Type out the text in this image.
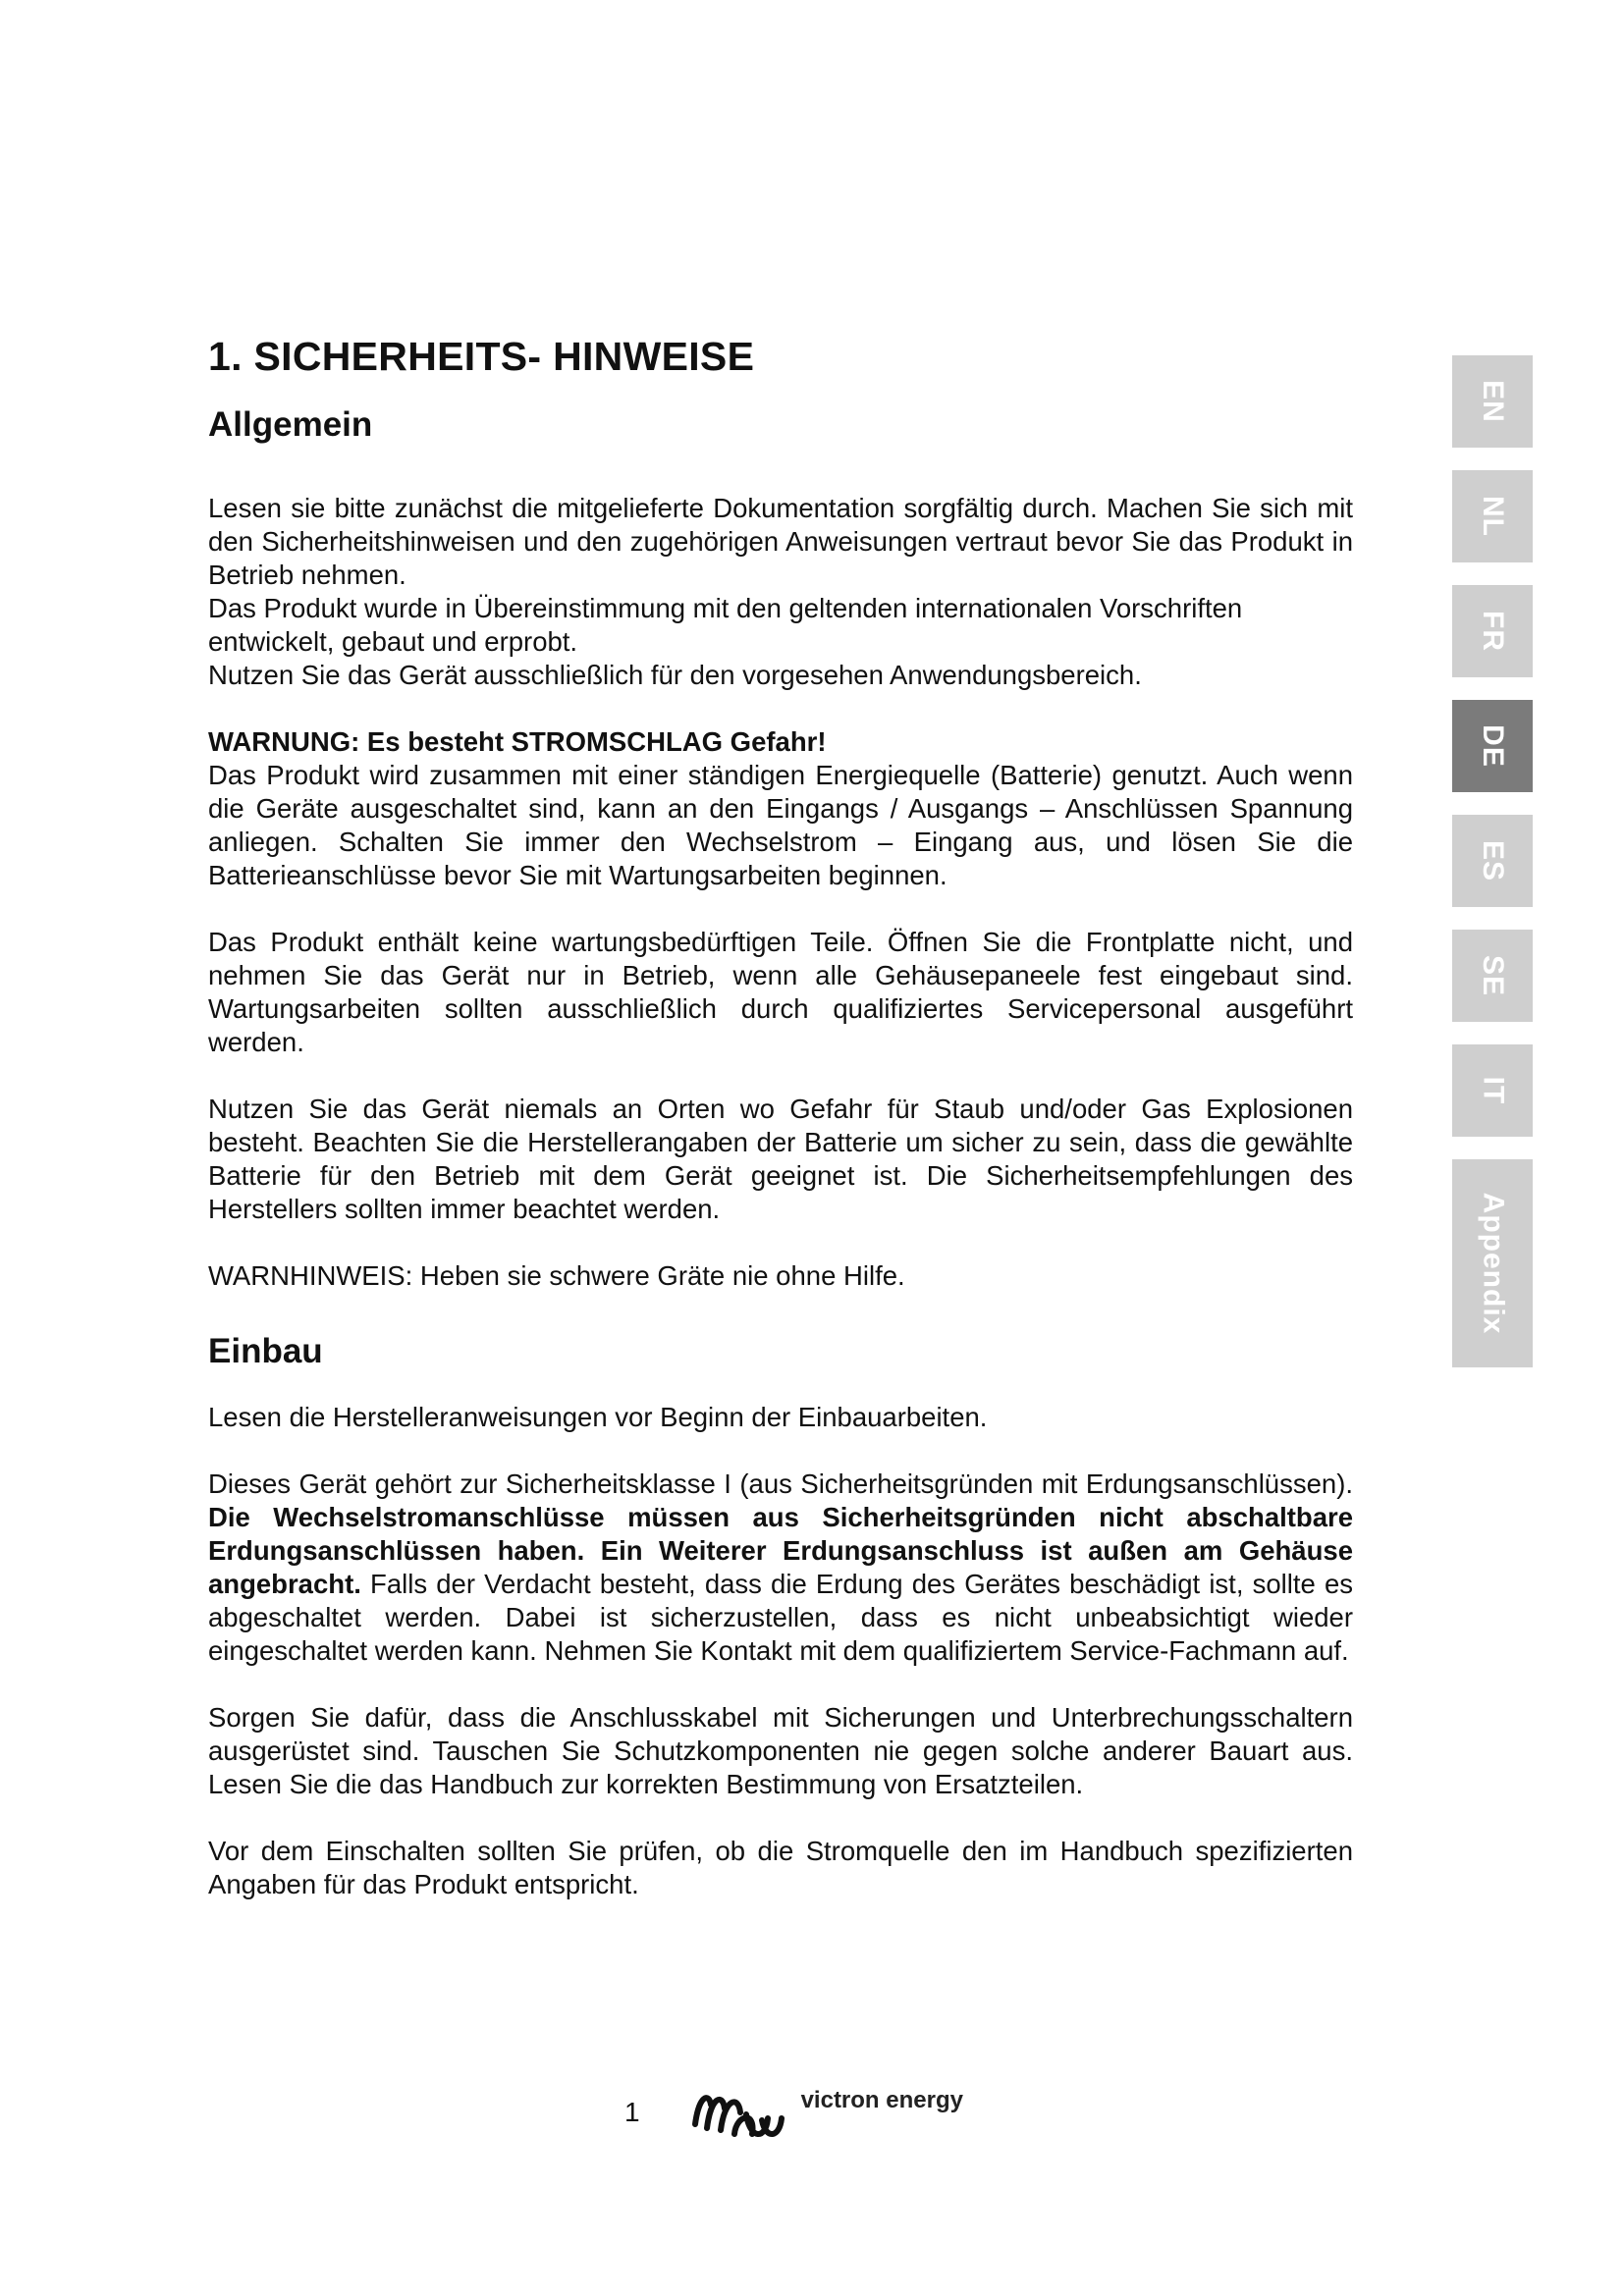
1. SICHERHEITS- HINWEISE
Allgemein

Lesen sie bitte zunächst die mitgelieferte Dokumentation sorgfältig durch. Machen Sie sich mit den Sicherheitshinweisen und den zugehörigen Anweisungen vertraut bevor Sie das Produkt in Betrieb nehmen.

Das Produkt wurde in Übereinstimmung mit den geltenden internationalen Vorschriften entwickelt, gebaut und erprobt.

Nutzen Sie das Gerät ausschließlich für den vorgesehen Anwendungsbereich.

WARNUNG: Es besteht STROMSCHLAG Gefahr!
Das Produkt wird zusammen mit einer ständigen Energiequelle (Batterie) genutzt. Auch wenn die Geräte ausgeschaltet sind, kann an den Eingangs / Ausgangs – Anschlüssen Spannung anliegen. Schalten Sie immer den Wechselstrom – Eingang aus, und lösen Sie die Batterieanschlüsse bevor Sie mit Wartungsarbeiten beginnen.

Das Produkt enthält keine wartungsbedürftigen Teile. Öffnen Sie die Frontplatte nicht, und nehmen Sie das Gerät nur in Betrieb, wenn alle Gehäusepaneele fest eingebaut sind. Wartungsarbeiten sollten ausschließlich durch qualifiziertes Servicepersonal ausgeführt werden.

Nutzen Sie das Gerät niemals an Orten wo Gefahr für Staub und/oder Gas Explosionen besteht. Beachten Sie die Herstellerangaben der Batterie um sicher zu sein, dass die gewählte Batterie für den Betrieb mit dem Gerät geeignet ist. Die Sicherheitsempfehlungen des Herstellers sollten immer beachtet werden.

WARNHINWEIS: Heben sie schwere Gräte nie ohne Hilfe.

Einbau

Lesen die Herstelleranweisungen vor Beginn der Einbauarbeiten.

Dieses Gerät gehört zur Sicherheitsklasse I (aus Sicherheitsgründen mit Erdungsanschlüssen). Die Wechselstromanschlüsse müssen aus Sicherheitsgründen nicht abschaltbare Erdungsanschlüssen haben. Ein Weiterer Erdungsanschluss ist außen am Gehäuse angebracht. Falls der Verdacht besteht, dass die Erdung des Gerätes beschädigt ist, sollte es abgeschaltet werden. Dabei ist sicherzustellen, dass es nicht unbeabsichtigt wieder eingeschaltet werden kann. Nehmen Sie Kontakt mit dem qualifiziertem Service-Fachmann auf.

Sorgen Sie dafür, dass die Anschlusskabel mit Sicherungen und Unterbrechungsschaltern ausgerüstet sind. Tauschen Sie Schutzkomponenten nie gegen solche anderer Bauart aus. Lesen Sie die das Handbuch zur korrekten Bestimmung von Ersatzteilen.

Vor dem Einschalten sollten Sie prüfen, ob die Stromquelle den im Handbuch spezifizierten Angaben für das Produkt entspricht.

EN
NL
FR
DE
ES
SE
IT
Appendix
1	victron energy
